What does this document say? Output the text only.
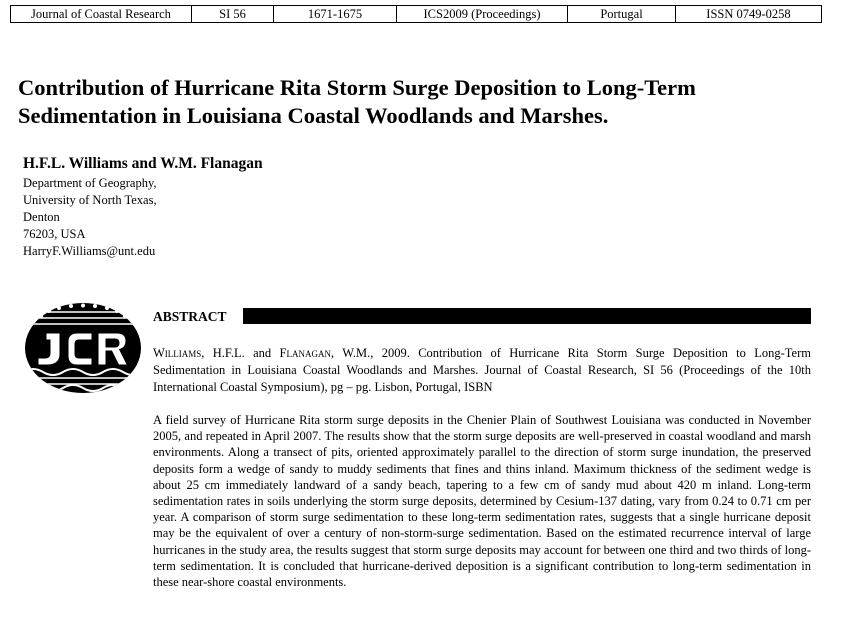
Journal of Coastal Research	SI 56	1671-1675	ICS2009 (Proceedings)	Portugal	ISSN 0749-0258
Contribution of Hurricane Rita Storm Surge Deposition to Long-Term Sedimentation in Louisiana Coastal Woodlands and Marshes.
H.F.L. Williams and W.M. Flanagan
Department of Geography,
University of North Texas,
Denton
76203, USA
HarryF.Williams@unt.edu
ABSTRACT
Williams, H.F.L. and Flanagan, W.M., 2009. Contribution of Hurricane Rita Storm Surge Deposition to Long-Term Sedimentation in Louisiana Coastal Woodlands and Marshes. Journal of Coastal Research, SI 56 (Proceedings of the 10th International Coastal Symposium), pg – pg. Lisbon, Portugal, ISBN
A field survey of Hurricane Rita storm surge deposits in the Chenier Plain of Southwest Louisiana was conducted in November 2005, and repeated in April 2007. The results show that the storm surge deposits are well-preserved in coastal woodland and marsh environments. Along a transect of pits, oriented approximately parallel to the direction of storm surge inundation, the preserved deposits form a wedge of sandy to muddy sediments that fines and thins inland. Maximum thickness of the sediment wedge is about 25 cm immediately landward of a sandy beach, tapering to a few cm of sandy mud about 420 m inland. Long-term sedimentation rates in soils underlying the storm surge deposits, determined by Cesium-137 dating, vary from 0.24 to 0.71 cm per year. A comparison of storm surge sedimentation to these long-term sedimentation rates, suggests that a single hurricane deposit may be the equivalent of over a century of non-storm-surge sedimentation. Based on the estimated recurrence interval of large hurricanes in the study area, the results suggest that storm surge deposits may account for between one third and two thirds of long-term sedimentation. It is concluded that hurricane-derived deposition is a significant contribution to long-term sedimentation in these near-shore coastal environments.
